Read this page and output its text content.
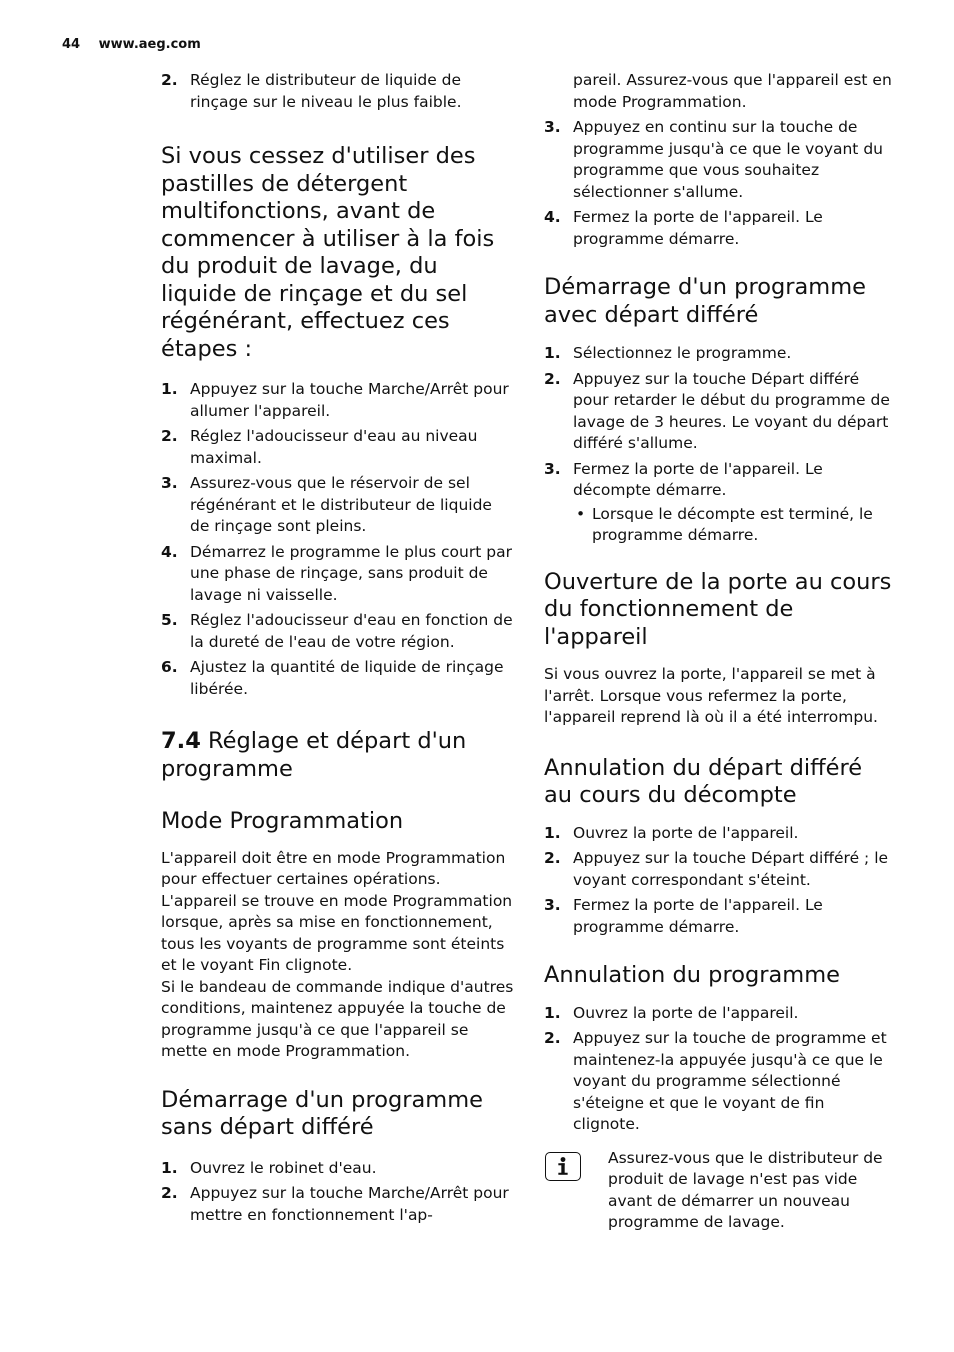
44 www.aeg.com
2. Réglez le distributeur de liquide de rinçage sur le niveau le plus faible.
Si vous cessez d'utiliser des pastilles de détergent multifonctions, avant de commencer à utiliser à la fois du produit de lavage, du liquide de rinçage et du sel régénérant, effectuez ces étapes :
1. Appuyez sur la touche Marche/Arrêt pour allumer l'appareil.
2. Réglez l'adoucisseur d'eau au niveau maximal.
3. Assurez-vous que le réservoir de sel régénérant et le distributeur de liquide de rinçage sont pleins.
4. Démarrez le programme le plus court par une phase de rinçage, sans produit de lavage ni vaisselle.
5. Réglez l'adoucisseur d'eau en fonction de la dureté de l'eau de votre région.
6. Ajustez la quantité de liquide de rinçage libérée.
7.4 Réglage et départ d'un programme
Mode Programmation

L'appareil doit être en mode Programmation pour effectuer certaines opérations.

L'appareil se trouve en mode Programmation lorsque, après sa mise en fonctionnement, tous les voyants de programme sont éteints et le voyant Fin clignote.

Si le bandeau de commande indique d'autres conditions, maintenez appuyée la touche de programme jusqu'à ce que l'appareil se mette en mode Programmation.

Démarrage d'un programme sans départ différé
1. Ouvrez le robinet d'eau.
2. Appuyez sur la touche Marche/Arrêt pour mettre en fonctionnement l'ap-

pareil. Assurez-vous que l'appareil est en mode Programmation.

3. Appuyez en continu sur la touche de programme jusqu'à ce que le voyant du programme que vous souhaitez sélectionner s'allume.
4. Fermez la porte de l'appareil. Le programme démarre.
Démarrage d'un programme avec départ différé
1. Sélectionnez le programme.
2. Appuyez sur la touche Départ différé pour retarder le début du programme de lavage de 3 heures. Le voyant du départ différé s'allume.
3. Fermez la porte de l'appareil. Le décompte démarre.
• Lorsque le décompte est terminé, le programme démarre.
Ouverture de la porte au cours du fonctionnement de l'appareil

Si vous ouvrez la porte, l'appareil se met à l'arrêt. Lorsque vous refermez la porte, l'appareil reprend là où il a été interrompu.

Annulation du départ différé au cours du décompte
1. Ouvrez la porte de l'appareil.
2. Appuyez sur la touche Départ différé ; le voyant correspondant s'éteint.
3. Fermez la porte de l'appareil. Le programme démarre.
Annulation du programme
1. Ouvrez la porte de l'appareil.
2. Appuyez sur la touche de programme et maintenez-la appuyée jusqu'à ce que le voyant du programme sélectionné s'éteigne et que le voyant de fin clignote.

Assurez-vous que le distributeur de produit de lavage n'est pas vide avant de démarrer un nouveau programme de lavage.
